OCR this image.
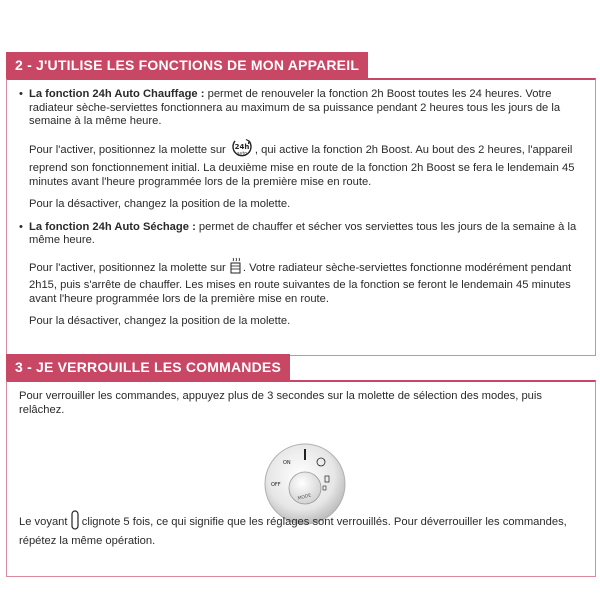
2 - J'UTILISE LES FONCTIONS DE MON APPAREIL
• La fonction 24h Auto Chauffage : permet de renouveler la fonction 2h Boost toutes les 24 heures. Votre radiateur sèche-serviettes fonctionnera au maximum de sa puissance pendant 2 heures tous les jours de la semaine à la même heure.

Pour l'activer, positionnez la molette sur 24h
auto , qui active la fonction 2h Boost. Au bout des 2 heures, l'appareil reprend son fonctionnement initial. La deuxième mise en route de la fonction 2h Boost se fera le lendemain 45 minutes avant l'heure programmée lors de la première mise en route.

Pour la désactiver, changez la position de la molette.

• La fonction 24h Auto Séchage : permet de chauffer et sécher vos serviettes tous les jours de la semaine à la même heure.

Pour l'activer, positionnez la molette sur . Votre radiateur sèche-serviettes fonctionne modérément pendant 2h15, puis s'arrête de chauffer. Les mises en route suivantes de la fonction se feront le lendemain 45 minutes avant l'heure programmée lors de la première mise en route.

Pour la désactiver, changez la position de la molette.

3 - JE VERROUILLE LES COMMANDES

Pour verrouiller les commandes, appuyez plus de 3 secondes sur la molette de sélection des modes, puis relâchez.

ON
OFF
MODE

Le voyant  clignote 5 fois, ce qui signifie que les réglages sont verrouillés. Pour déverrouiller les commandes, répétez la même opération.
